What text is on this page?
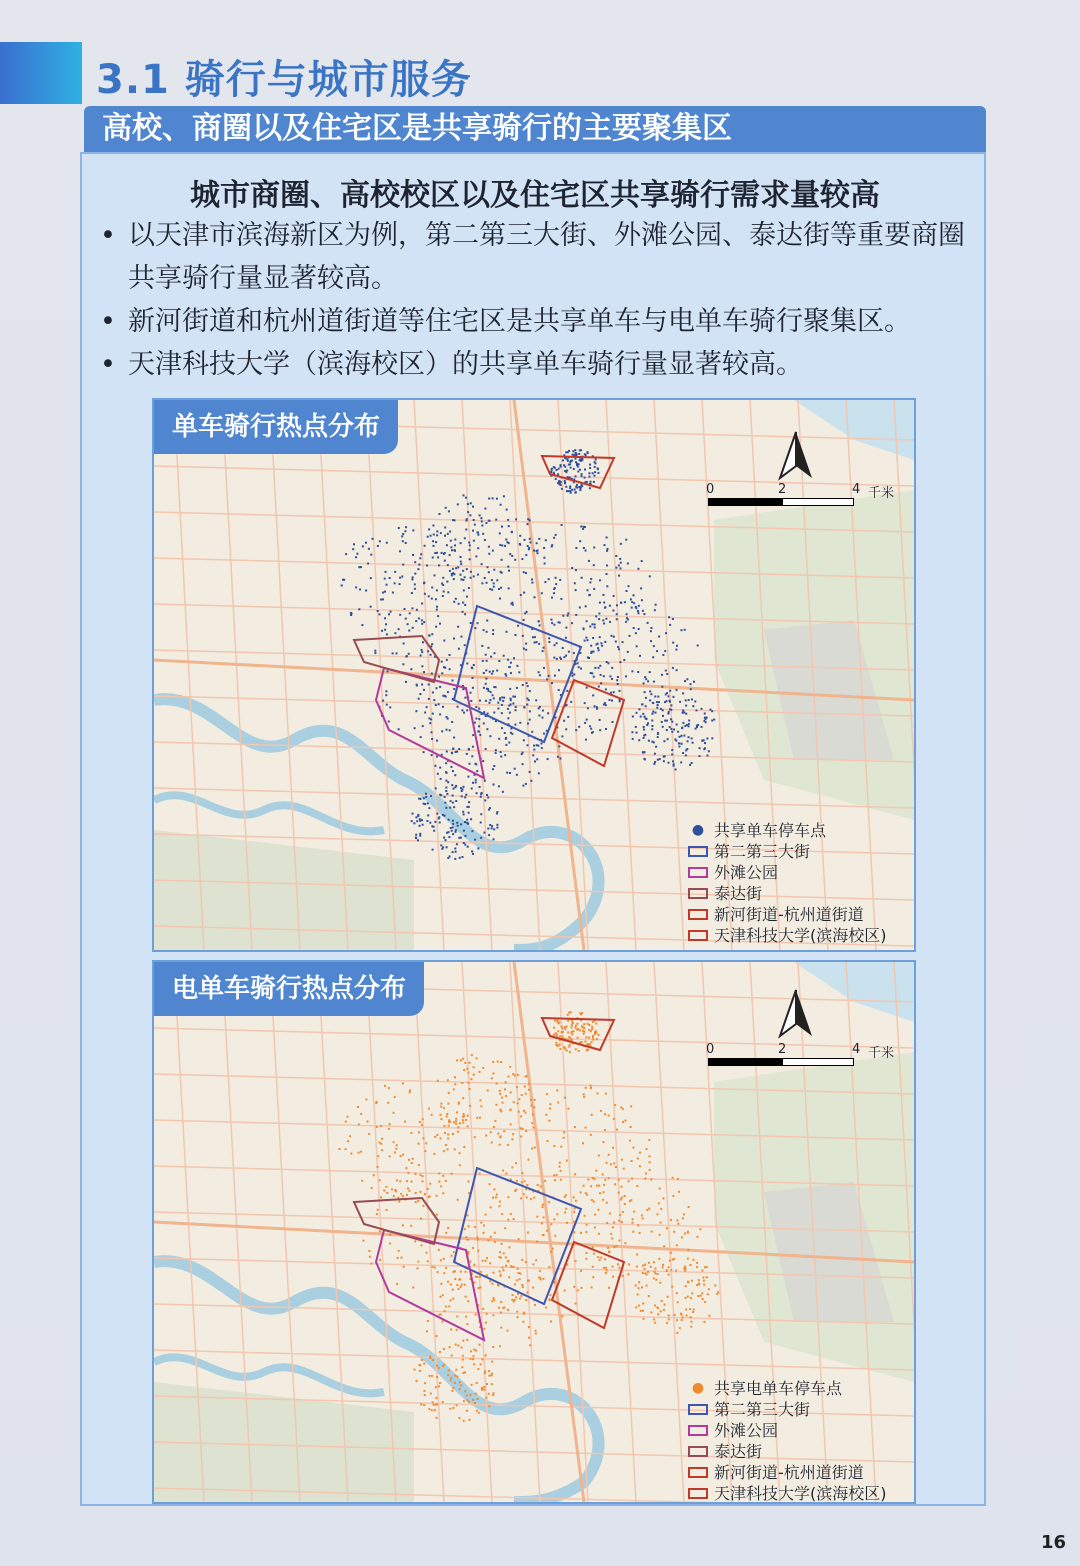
3.1 骑行与城市服务
高校、商圈以及住宅区是共享骑行的主要聚集区
城市商圈、高校校区以及住宅区共享骑行需求量较高
• 以天津市滨海新区为例，第二第三大街、外滩公园、泰达街等重要商圈共享骑行量显著较高。
• 新河街道和杭州道街道等住宅区是共享单车与电单车骑行聚集区。
• 天津科技大学（滨海校区）的共享单车骑行量显著较高。
单车骑行热点分布
0	2	4 千米
● 共享单车停车点
第二第三大街
外滩公园
泰达街
新河街道-杭州道街道
天津科技大学(滨海校区)
电单车骑行热点分布
0	2	4 千米
● 共享电单车停车点
第二第三大街
外滩公园
泰达街
新河街道-杭州道街道
天津科技大学(滨海校区)
16
